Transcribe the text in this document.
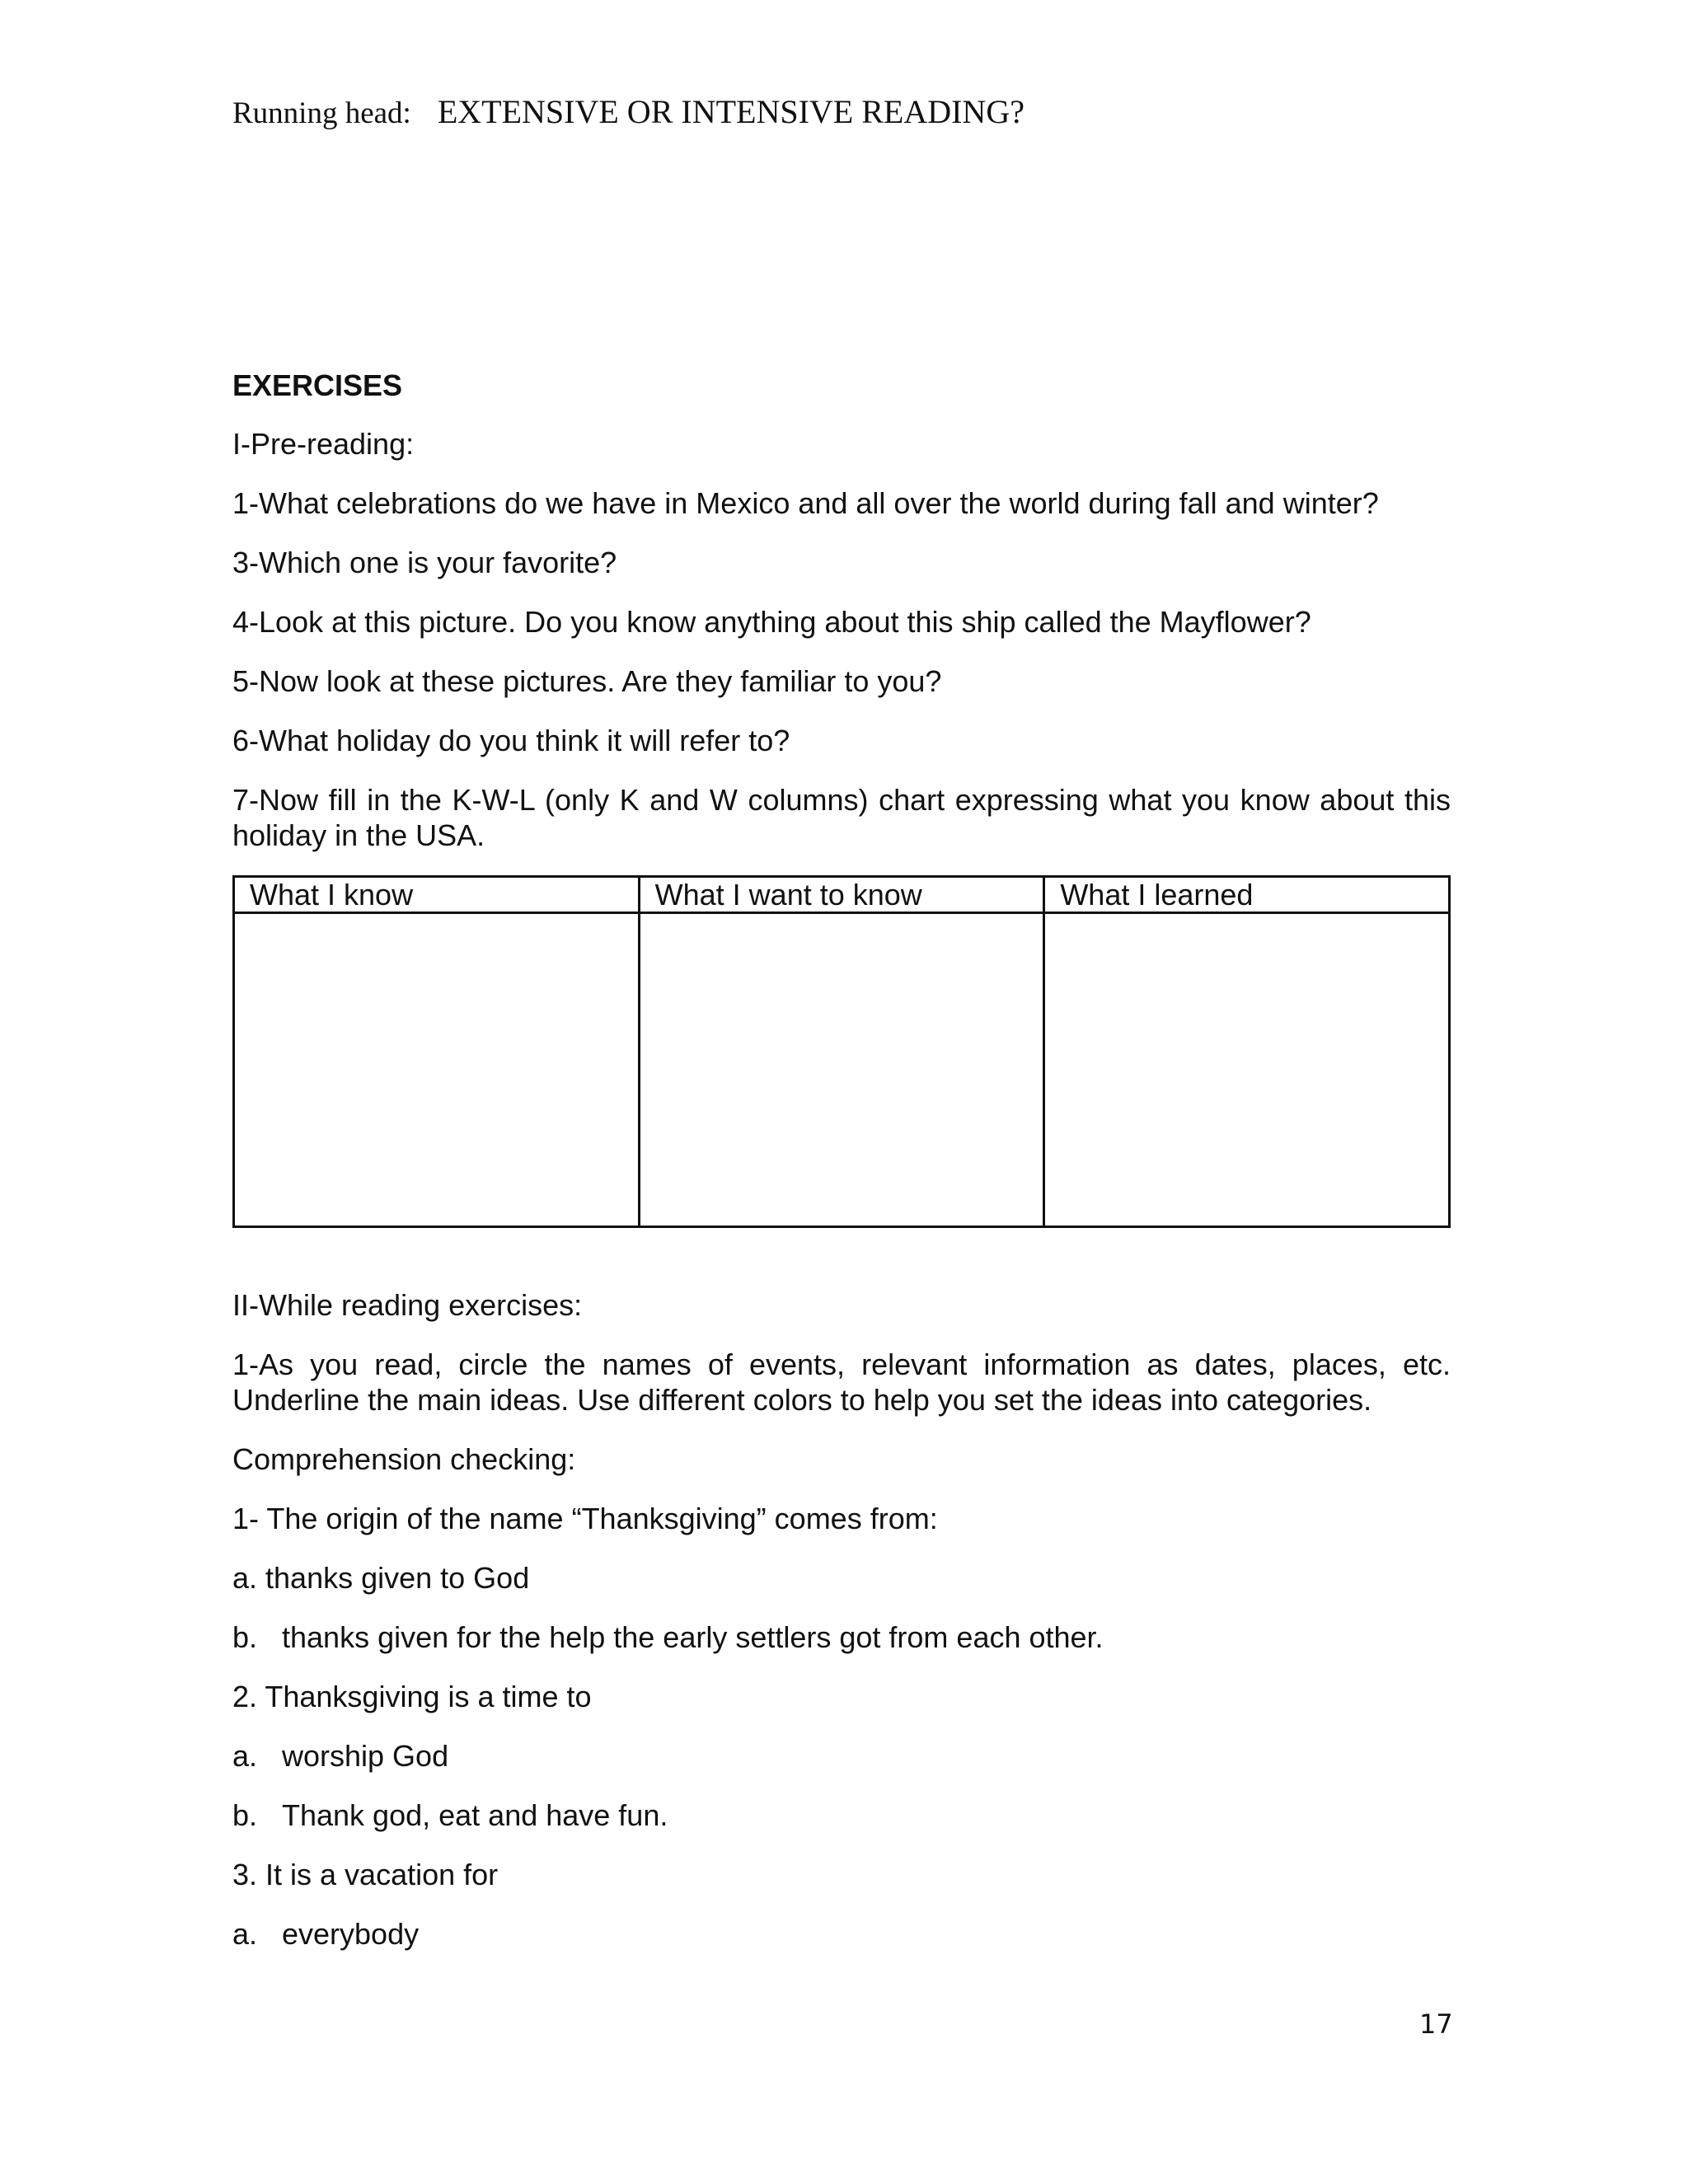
Running head: EXTENSIVE OR INTENSIVE READING?

EXERCISES

I-Pre-reading:

1-What celebrations do we have in Mexico and all over the world during fall and winter?

3-Which one is your favorite?

4-Look at this picture. Do you know anything about this ship called the Mayflower?

5-Now look at these pictures. Are they familiar to you?

6-What holiday do you think it will refer to?

7-Now fill in the K-W-L (only K and W columns) chart expressing what you know about this holiday in the USA.

What I know	What I want to know	What I learned

II-While reading exercises:

1-As you read, circle the names of events, relevant information as dates, places, etc. Underline the main ideas. Use different colors to help you set the ideas into categories.

Comprehension checking:

1- The origin of the name “Thanksgiving” comes from:

a. thanks given to God

b. thanks given for the help the early settlers got from each other.

2. Thanksgiving is a time to

a. worship God

b. Thank god, eat and have fun.

3. It is a vacation for

a. everybody

17
